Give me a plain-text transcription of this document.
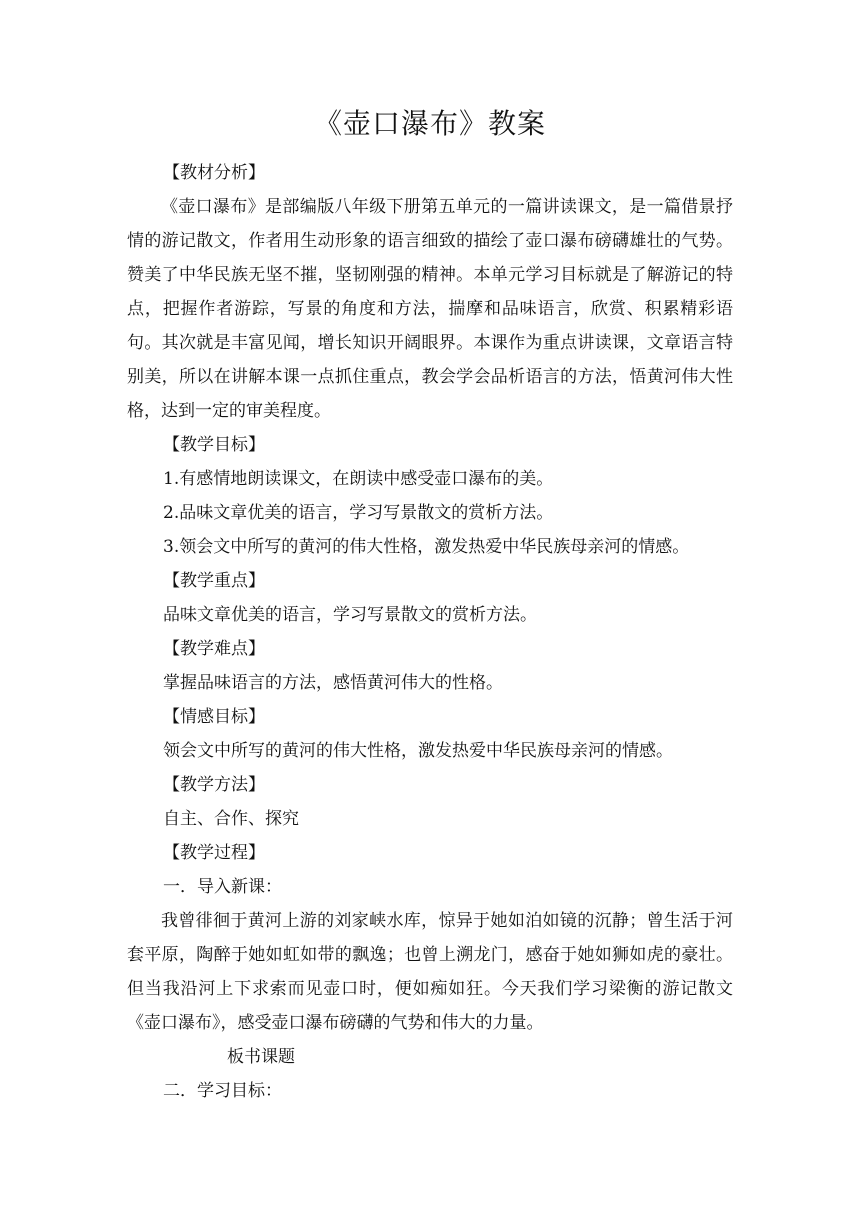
《壶口瀑布》教案
【教材分析】

《壶口瀑布》是部编版八年级下册第五单元的一篇讲读课文，是一篇借景抒情的游记散文，作者用生动形象的语言细致的描绘了壶口瀑布磅礴雄壮的气势。赞美了中华民族无坚不摧，坚韧刚强的精神。本单元学习目标就是了解游记的特点，把握作者游踪，写景的角度和方法，揣摩和品味语言，欣赏、积累精彩语句。其次就是丰富见闻，增长知识开阔眼界。本课作为重点讲读课，文章语言特别美，所以在讲解本课一点抓住重点，教会学会品析语言的方法，悟黄河伟大性格，达到一定的审美程度。

【教学目标】
1.有感情地朗读课文，在朗读中感受壶口瀑布的美。
2.品味文章优美的语言，学习写景散文的赏析方法。
3.领会文中所写的黄河的伟大性格，激发热爱中华民族母亲河的情感。
【教学重点】
品味文章优美的语言，学习写景散文的赏析方法。
【教学难点】
掌握品味语言的方法，感悟黄河伟大的性格。
【情感目标】
领会文中所写的黄河的伟大性格，激发热爱中华民族母亲河的情感。
【教学方法】
自主、合作、探究
【教学过程】
一．导入新课：

我曾徘徊于黄河上游的刘家峡水库，惊异于她如泊如镜的沉静；曾生活于河套平原，陶醉于她如虹如带的飘逸；也曾上溯龙门，感奋于她如狮如虎的豪壮。但当我沿河上下求索而见壶口时，便如痴如狂。今天我们学习梁衡的游记散文《壶口瀑布》，感受壶口瀑布磅礴的气势和伟大的力量。

板书课题
二．学习目标：
